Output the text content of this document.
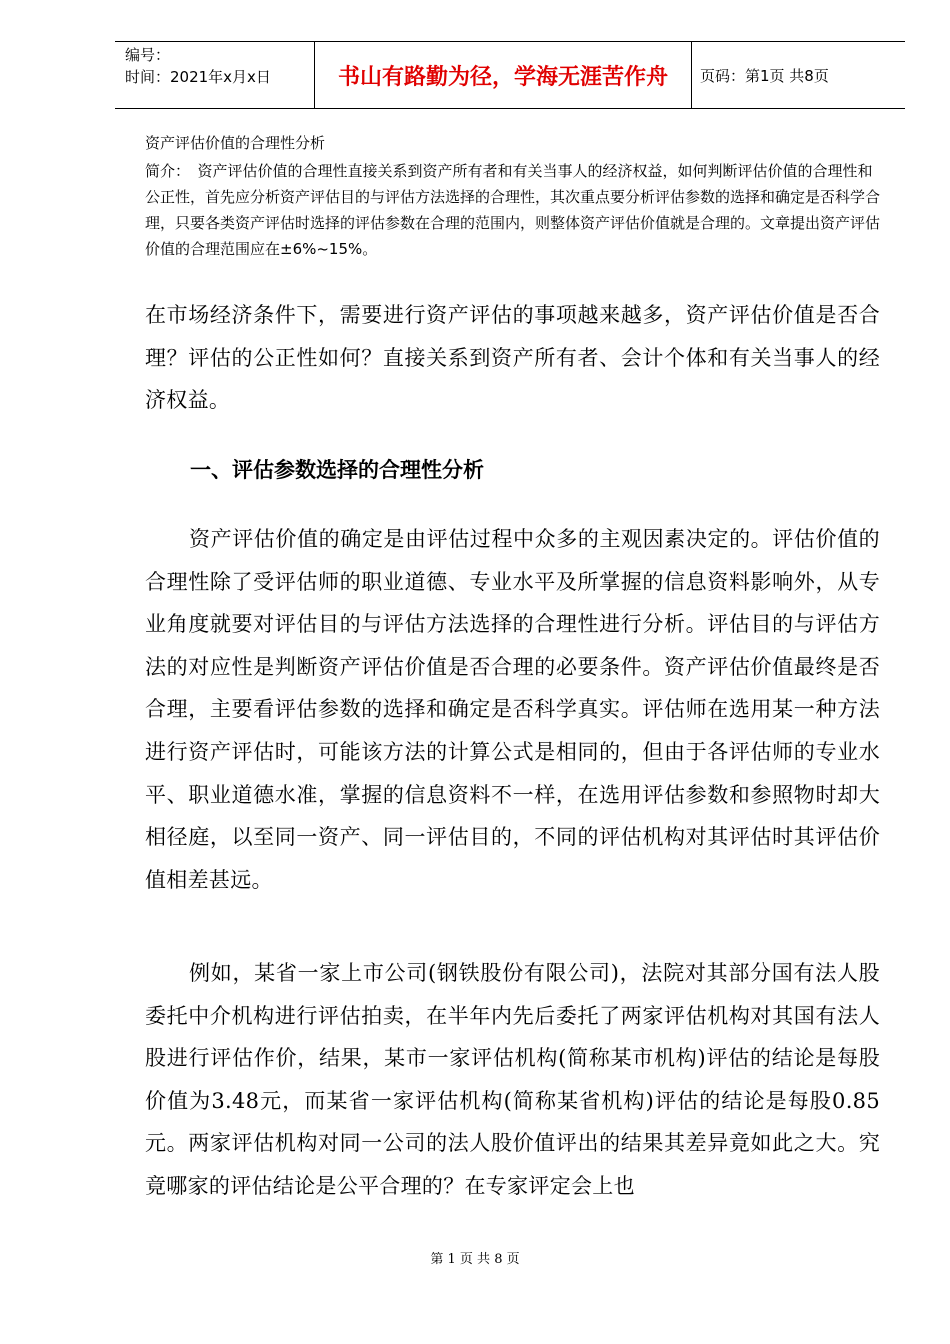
编号：
时间：2021年x月x日	书山有路勤为径，学海无涯苦作舟	页码：第1页 共8页
资产评估价值的合理性分析
简介：　资产评估价值的合理性直接关系到资产所有者和有关当事人的经济权益，如何判断评估价值的合理性和公正性，首先应分析资产评估目的与评估方法选择的合理性，其次重点要分析评估参数的选择和确定是否科学合理，只要各类资产评估时选择的评估参数在合理的范围内，则整体资产评估价值就是合理的。文章提出资产评估价值的合理范围应在±6%~15%。
在市场经济条件下，需要进行资产评估的事项越来越多，资产评估价值是否合理？评估的公正性如何？直接关系到资产所有者、会计个体和有关当事人的经济权益。
一、评估参数选择的合理性分析
资产评估价值的确定是由评估过程中众多的主观因素决定的。评估价值的合理性除了受评估师的职业道德、专业水平及所掌握的信息资料影响外，从专业角度就要对评估目的与评估方法选择的合理性进行分析。评估目的与评估方法的对应性是判断资产评估价值是否合理的必要条件。资产评估价值最终是否合理，主要看评估参数的选择和确定是否科学真实。评估师在选用某一种方法进行资产评估时，可能该方法的计算公式是相同的，但由于各评估师的专业水平、职业道德水准，掌握的信息资料不一样，在选用评估参数和参照物时却大相径庭，以至同一资产、同一评估目的，不同的评估机构对其评估时其评估价值相差甚远。
例如，某省一家上市公司(钢铁股份有限公司)，法院对其部分国有法人股委托中介机构进行评估拍卖，在半年内先后委托了两家评估机构对其国有法人股进行评估作价，结果，某市一家评估机构(简称某市机构)评估的结论是每股价值为3.48元，而某省一家评估机构(简称某省机构)评估的结论是每股0.85元。两家评估机构对同一公司的法人股价值评出的结果其差异竟如此之大。究竟哪家的评估结论是公平合理的？在专家评定会上也
第 1 页 共 8 页
